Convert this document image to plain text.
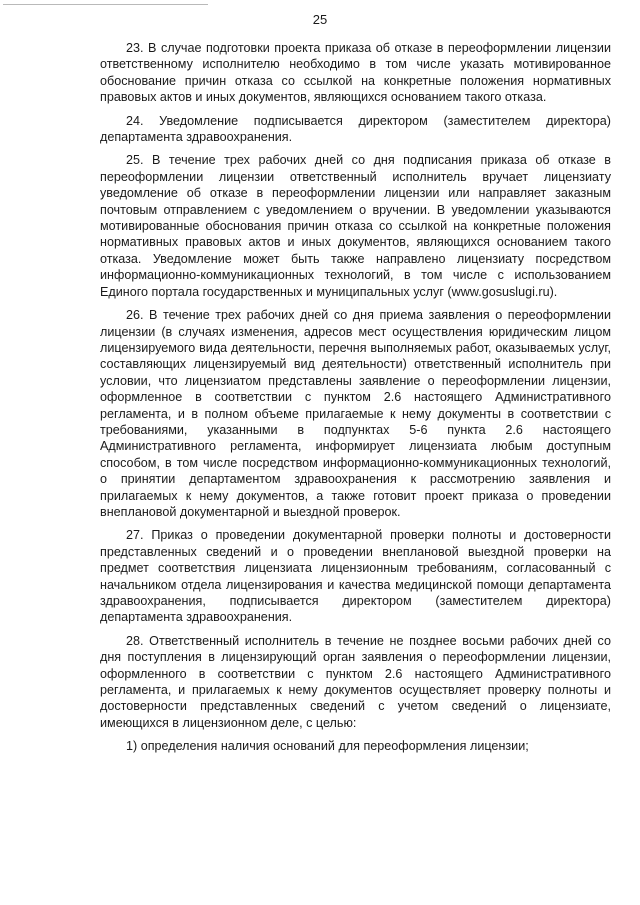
25

23. В случае подготовки проекта приказа об отказе в переоформлении лицензии ответственному исполнителю необходимо в том числе указать мотивированное обоснование причин отказа со ссылкой на конкретные положения нормативных правовых актов и иных документов, являющихся основанием такого отказа.

24. Уведомление подписывается директором (заместителем директора) департамента здравоохранения.

25. В течение трех рабочих дней со дня подписания приказа об отказе в переоформлении лицензии ответственный исполнитель вручает лицензиату уведомление об отказе в переоформлении лицензии или направляет заказным почтовым отправлением с уведомлением о вручении. В уведомлении указываются мотивированные обоснования причин отказа со ссылкой на конкретные положения нормативных правовых актов и иных документов, являющихся основанием такого отказа. Уведомление может быть также направлено лицензиату посредством информационно-коммуникационных технологий, в том числе с использованием Единого портала государственных и муниципальных услуг (www.gosuslugi.ru).

26. В течение трех рабочих дней со дня приема заявления о переоформлении лицензии (в случаях изменения, адресов мест осуществления юридическим лицом лицензируемого вида деятельности, перечня выполняемых работ, оказываемых услуг, составляющих лицензируемый вид деятельности) ответственный исполнитель при условии, что лицензиатом представлены заявление о переоформлении лицензии, оформленное в соответствии с пунктом 2.6 настоящего Административного регламента, и в полном объеме прилагаемые к нему документы в соответствии с требованиями, указанными в подпунктах 5-6 пункта 2.6 настоящего Административного регламента, информирует лицензиата любым доступным способом, в том числе посредством информационно-коммуникационных технологий, о принятии департаментом здравоохранения к рассмотрению заявления и прилагаемых к нему документов, а также готовит проект приказа о проведении внеплановой документарной и выездной проверок.

27. Приказ о проведении документарной проверки полноты и достоверности представленных сведений и о проведении внеплановой выездной проверки на предмет соответствия лицензиата лицензионным требованиям, согласованный с начальником отдела лицензирования и качества медицинской помощи департамента здравоохранения, подписывается директором (заместителем директора) департамента здравоохранения.

28. Ответственный исполнитель в течение не позднее восьми рабочих дней со дня поступления в лицензирующий орган заявления о переоформлении лицензии, оформленного в соответствии с пунктом 2.6 настоящего Административного регламента, и прилагаемых к нему документов осуществляет проверку полноты и достоверности представленных сведений с учетом сведений о лицензиате, имеющихся в лицензионном деле, с целью:

1) определения наличия оснований для переоформления лицензии;
